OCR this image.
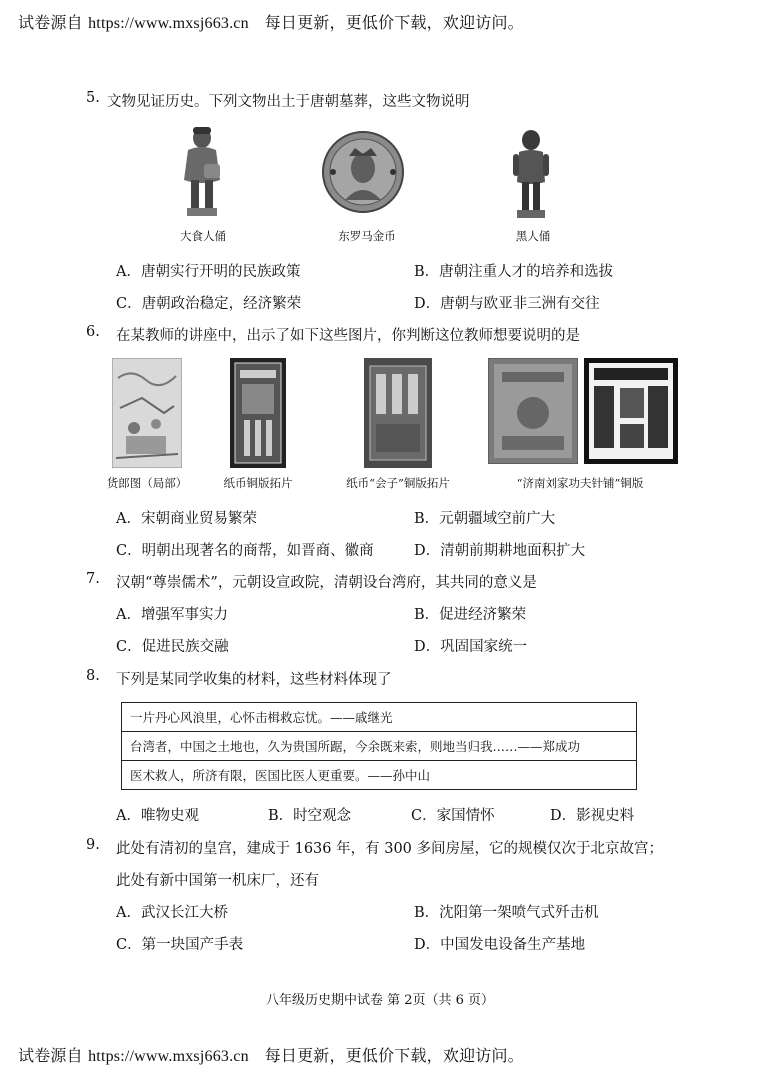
试卷源自 https://www.mxsj663.cn 每日更新，更低价下载，欢迎访问。
5. 文物见证历史。下列文物出土于唐朝墓葬，这些文物说明
大食人俑	东罗马金币	黑人俑
A．唐朝实行开明的民族政策	B．唐朝注重人才的培养和选拔
C．唐朝政治稳定，经济繁荣	D．唐朝与欧亚非三洲有交往
6. 在某教师的讲座中，出示了如下这些图片，你判断这位教师想要说明的是
货郎图（局部）	纸币铜版拓片	纸币“会子”铜版拓片	“济南刘家功夫针铺”铜版
A．宋朝商业贸易繁荣	B．元朝疆域空前广大
C．明朝出现著名的商帮，如晋商、徽商	D．清朝前期耕地面积扩大
7. 汉朝“尊崇儒术”，元朝设宣政院，清朝设台湾府，其共同的意义是
A．增强军事实力	B．促进经济繁荣
C．促进民族交融	D．巩固国家统一
8. 下列是某同学收集的材料，这些材料体现了
一片丹心风浪里，心怀击楫救忘忧。——戚继光
台湾者，中国之土地也，久为贵国所踞，今余既来索，则地当归我……——郑成功
医术救人，所济有限，医国比医人更重要。——孙中山
A．唯物史观	B．时空观念	C．家国情怀	D．影视史料
9. 此处有清初的皇宫，建成于 1636 年，有 300 多间房屋，它的规模仅次于北京故宫；
此处有新中国第一机床厂，还有
A．武汉长江大桥	B．沈阳第一架喷气式歼击机
C．第一块国产手表	D．中国发电设备生产基地
八年级历史期中试卷 第 2页（共 6 页）
试卷源自 https://www.mxsj663.cn 每日更新，更低价下载，欢迎访问。
